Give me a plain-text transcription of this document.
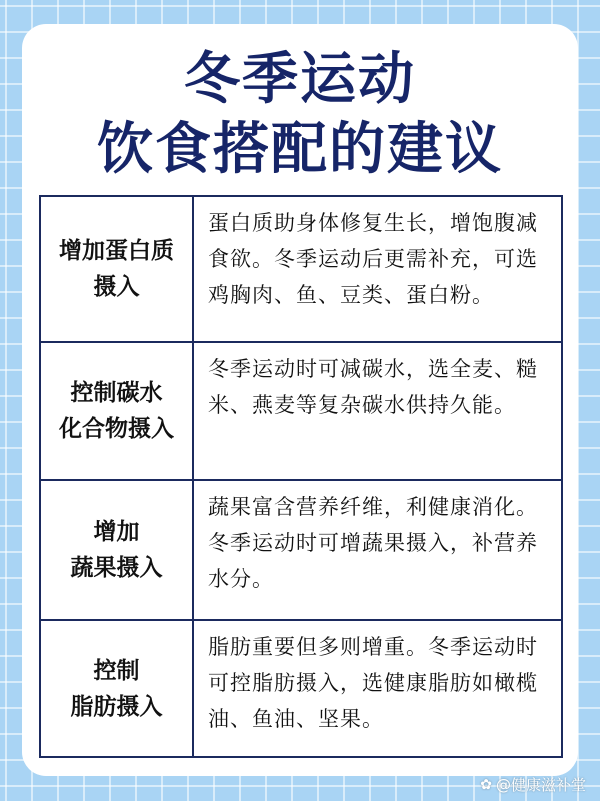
冬季运动
饮食搭配的建议
增加蛋白质
摄入
蛋白质助身体修复生长，增饱腹减食欲。冬季运动后更需补充，可选鸡胸肉、鱼、豆类、蛋白粉。
控制碳水
化合物摄入
冬季运动时可减碳水，选全麦、糙米、燕麦等复杂碳水供持久能。
增加
蔬果摄入
蔬果富含营养纤维，利健康消化。冬季运动时可增蔬果摄入，补营养水分。
控制
脂肪摄入
脂肪重要但多则增重。冬季运动时可控脂肪摄入，选健康脂肪如橄榄油、鱼油、坚果。
✿ @健康滋补堂
